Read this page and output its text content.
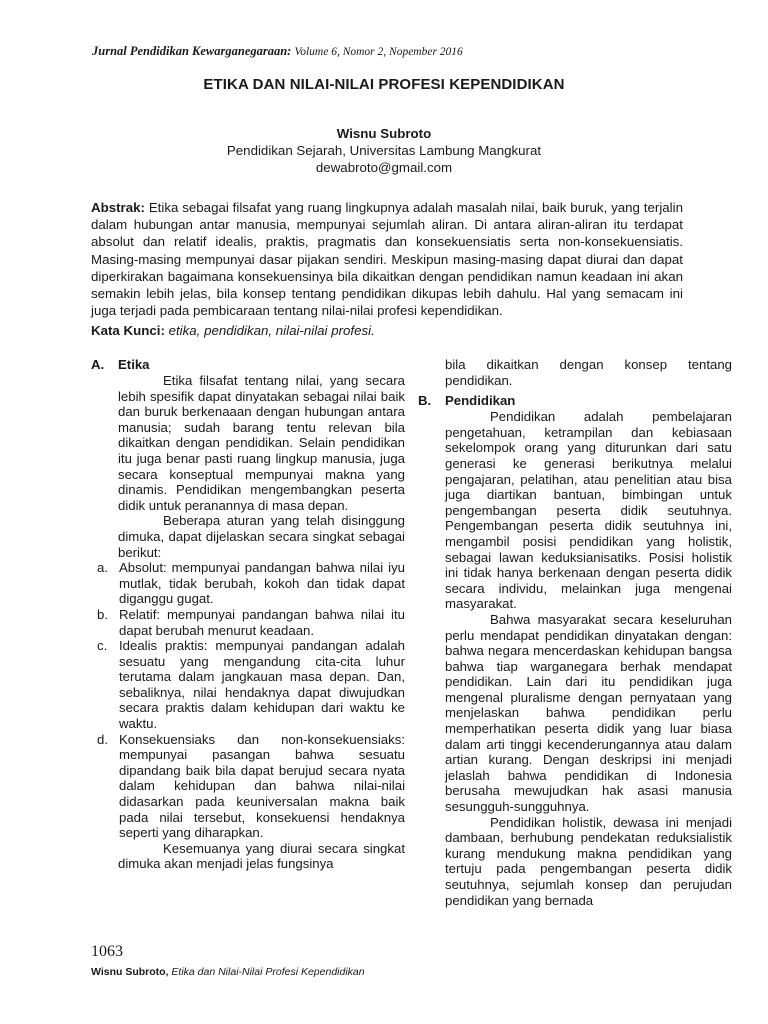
Jurnal Pendidikan Kewarganegaraan: Volume 6, Nomor 2, Nopember 2016
ETIKA DAN NILAI-NILAI PROFESI KEPENDIDIKAN
Wisnu Subroto
Pendidikan Sejarah, Universitas Lambung Mangkurat
dewabroto@gmail.com
Abstrak: Etika sebagai filsafat yang ruang lingkupnya adalah masalah nilai, baik buruk, yang terjalin dalam hubungan antar manusia, mempunyai sejumlah aliran. Di antara aliran-aliran itu terdapat absolut dan relatif idealis, praktis, pragmatis dan konsekuensiatis serta non-konsekuensiatis. Masing-masing mempunyai dasar pijakan sendiri. Meskipun masing-masing dapat diurai dan dapat diperkirakan bagaimana konsekuensinya bila dikaitkan dengan pendidikan namun keadaan ini akan semakin lebih jelas, bila konsep tentang pendidikan dikupas lebih dahulu. Hal yang semacam ini juga terjadi pada pembicaraan tentang nilai-nilai profesi kependidikan.
Kata Kunci: etika, pendidikan, nilai-nilai profesi.
A. Etika
Etika filsafat tentang nilai, yang secara lebih spesifik dapat dinyatakan sebagai nilai baik dan buruk berkenaaan dengan hubungan antara manusia; sudah barang tentu relevan bila dikaitkan dengan pendidikan. Selain pendidikan itu juga benar pasti ruang lingkup manusia, juga secara konseptual mempunyai makna yang dinamis. Pendidikan mengembangkan peserta didik untuk peranannya di masa depan.
Beberapa aturan yang telah disinggung dimuka, dapat dijelaskan secara singkat sebagai berikut:
a. Absolut: mempunyai pandangan bahwa nilai iyu mutlak, tidak berubah, kokoh dan tidak dapat diganggu gugat.
b. Relatif: mempunyai pandangan bahwa nilai itu dapat berubah menurut keadaan.
c. Idealis praktis: mempunyai pandangan adalah sesuatu yang mengandung cita-cita luhur terutama dalam jangkauan masa depan. Dan, sebaliknya, nilai hendaknya dapat diwujudkan secara praktis dalam kehidupan dari waktu ke waktu.
d. Konsekuensiaks dan non-konsekuensiaks: mempunyai pasangan bahwa sesuatu dipandang baik bila dapat berujud secara nyata dalam kehidupan dan bahwa nilai-nilai didasarkan pada keuniversalan makna baik pada nilai tersebut, konsekuensi hendaknya seperti yang diharapkan.
Kesemuanya yang diurai secara singkat dimuka akan menjadi jelas fungsinya
bila dikaitkan dengan konsep tentang pendidikan.
B. Pendidikan
Pendidikan adalah pembelajaran pengetahuan, ketrampilan dan kebiasaan sekelompok orang yang diturunkan dari satu generasi ke generasi berikutnya melalui pengajaran, pelatihan, atau penelitian atau bisa juga diartikan bantuan, bimbingan untuk pengembangan peserta didik seutuhnya. Pengembangan peserta didik seutuhnya ini, mengambil posisi pendidikan yang holistik, sebagai lawan keduksianisatiks. Posisi holistik ini tidak hanya berkenaan dengan peserta didik secara individu, melainkan juga mengenai masyarakat.
Bahwa masyarakat secara keseluruhan perlu mendapat pendidikan dinyatakan dengan: bahwa negara mencerdaskan kehidupan bangsa bahwa tiap warganegara berhak mendapat pendidikan. Lain dari itu pendidikan juga mengenal pluralisme dengan pernyataan yang menjelaskan bahwa pendidikan perlu memperhatikan peserta didik yang luar biasa dalam arti tinggi kecenderungannya atau dalam artian kurang. Dengan deskripsi ini menjadi jelaslah bahwa pendidikan di Indonesia berusaha mewujudkan hak asasi manusia sesungguh-sungguhnya.
Pendidikan holistik, dewasa ini menjadi dambaan, berhubung pendekatan reduksialistik kurang mendukung makna pendidikan yang tertuju pada pengembangan peserta didik seutuhnya, sejumlah konsep dan perujudan pendidikan yang bernada
1063
Wisnu Subroto, Etika dan Nilai-Nilai Profesi Kependidikan
